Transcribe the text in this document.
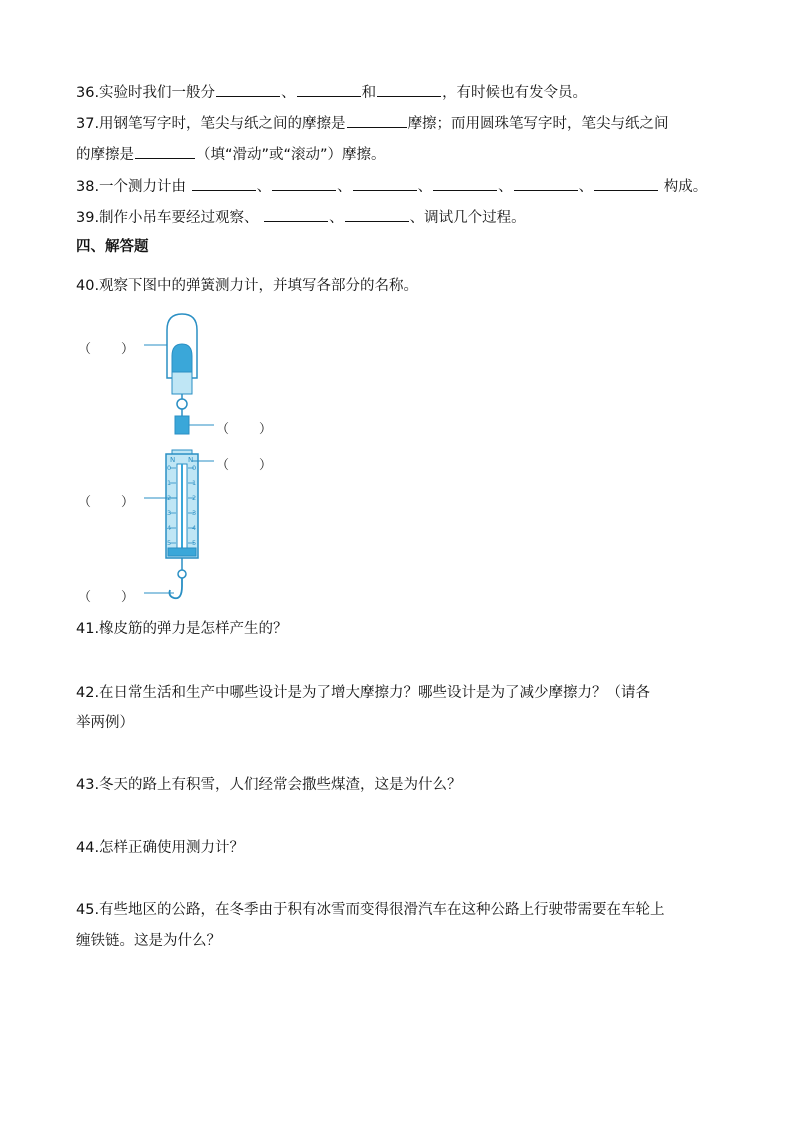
36.实验时我们一般分	、	和	，有时候也有发令员。
37.用钢笔写字时，笔尖与纸之间的摩擦是	摩擦；而用圆珠笔写字时，笔尖与纸之间
的摩擦是	（填“滑动”或“滚动”）摩擦。
38.一个测力计由	、	、	、	、	、	构成。
39.制作小吊车要经过观察、	、	、调试几个过程。
四、解答题
40.观察下图中的弹簧测力计，并填写各部分的名称。
N N
0
1
2
3
4
5
0
1
2
3
4
5
（ ）
（ ）
（ ）
（ ）
（ ）
41.橡皮筋的弹力是怎样产生的？
42.在日常生活和生产中哪些设计是为了增大摩擦力？哪些设计是为了减少摩擦力？（请各
举两例）
43.冬天的路上有积雪，人们经常会撒些煤渣，这是为什么？
44.怎样正确使用测力计？
45.有些地区的公路，在冬季由于积有冰雪而变得很滑汽车在这种公路上行驶带需要在车轮上
缠铁链。这是为什么？
